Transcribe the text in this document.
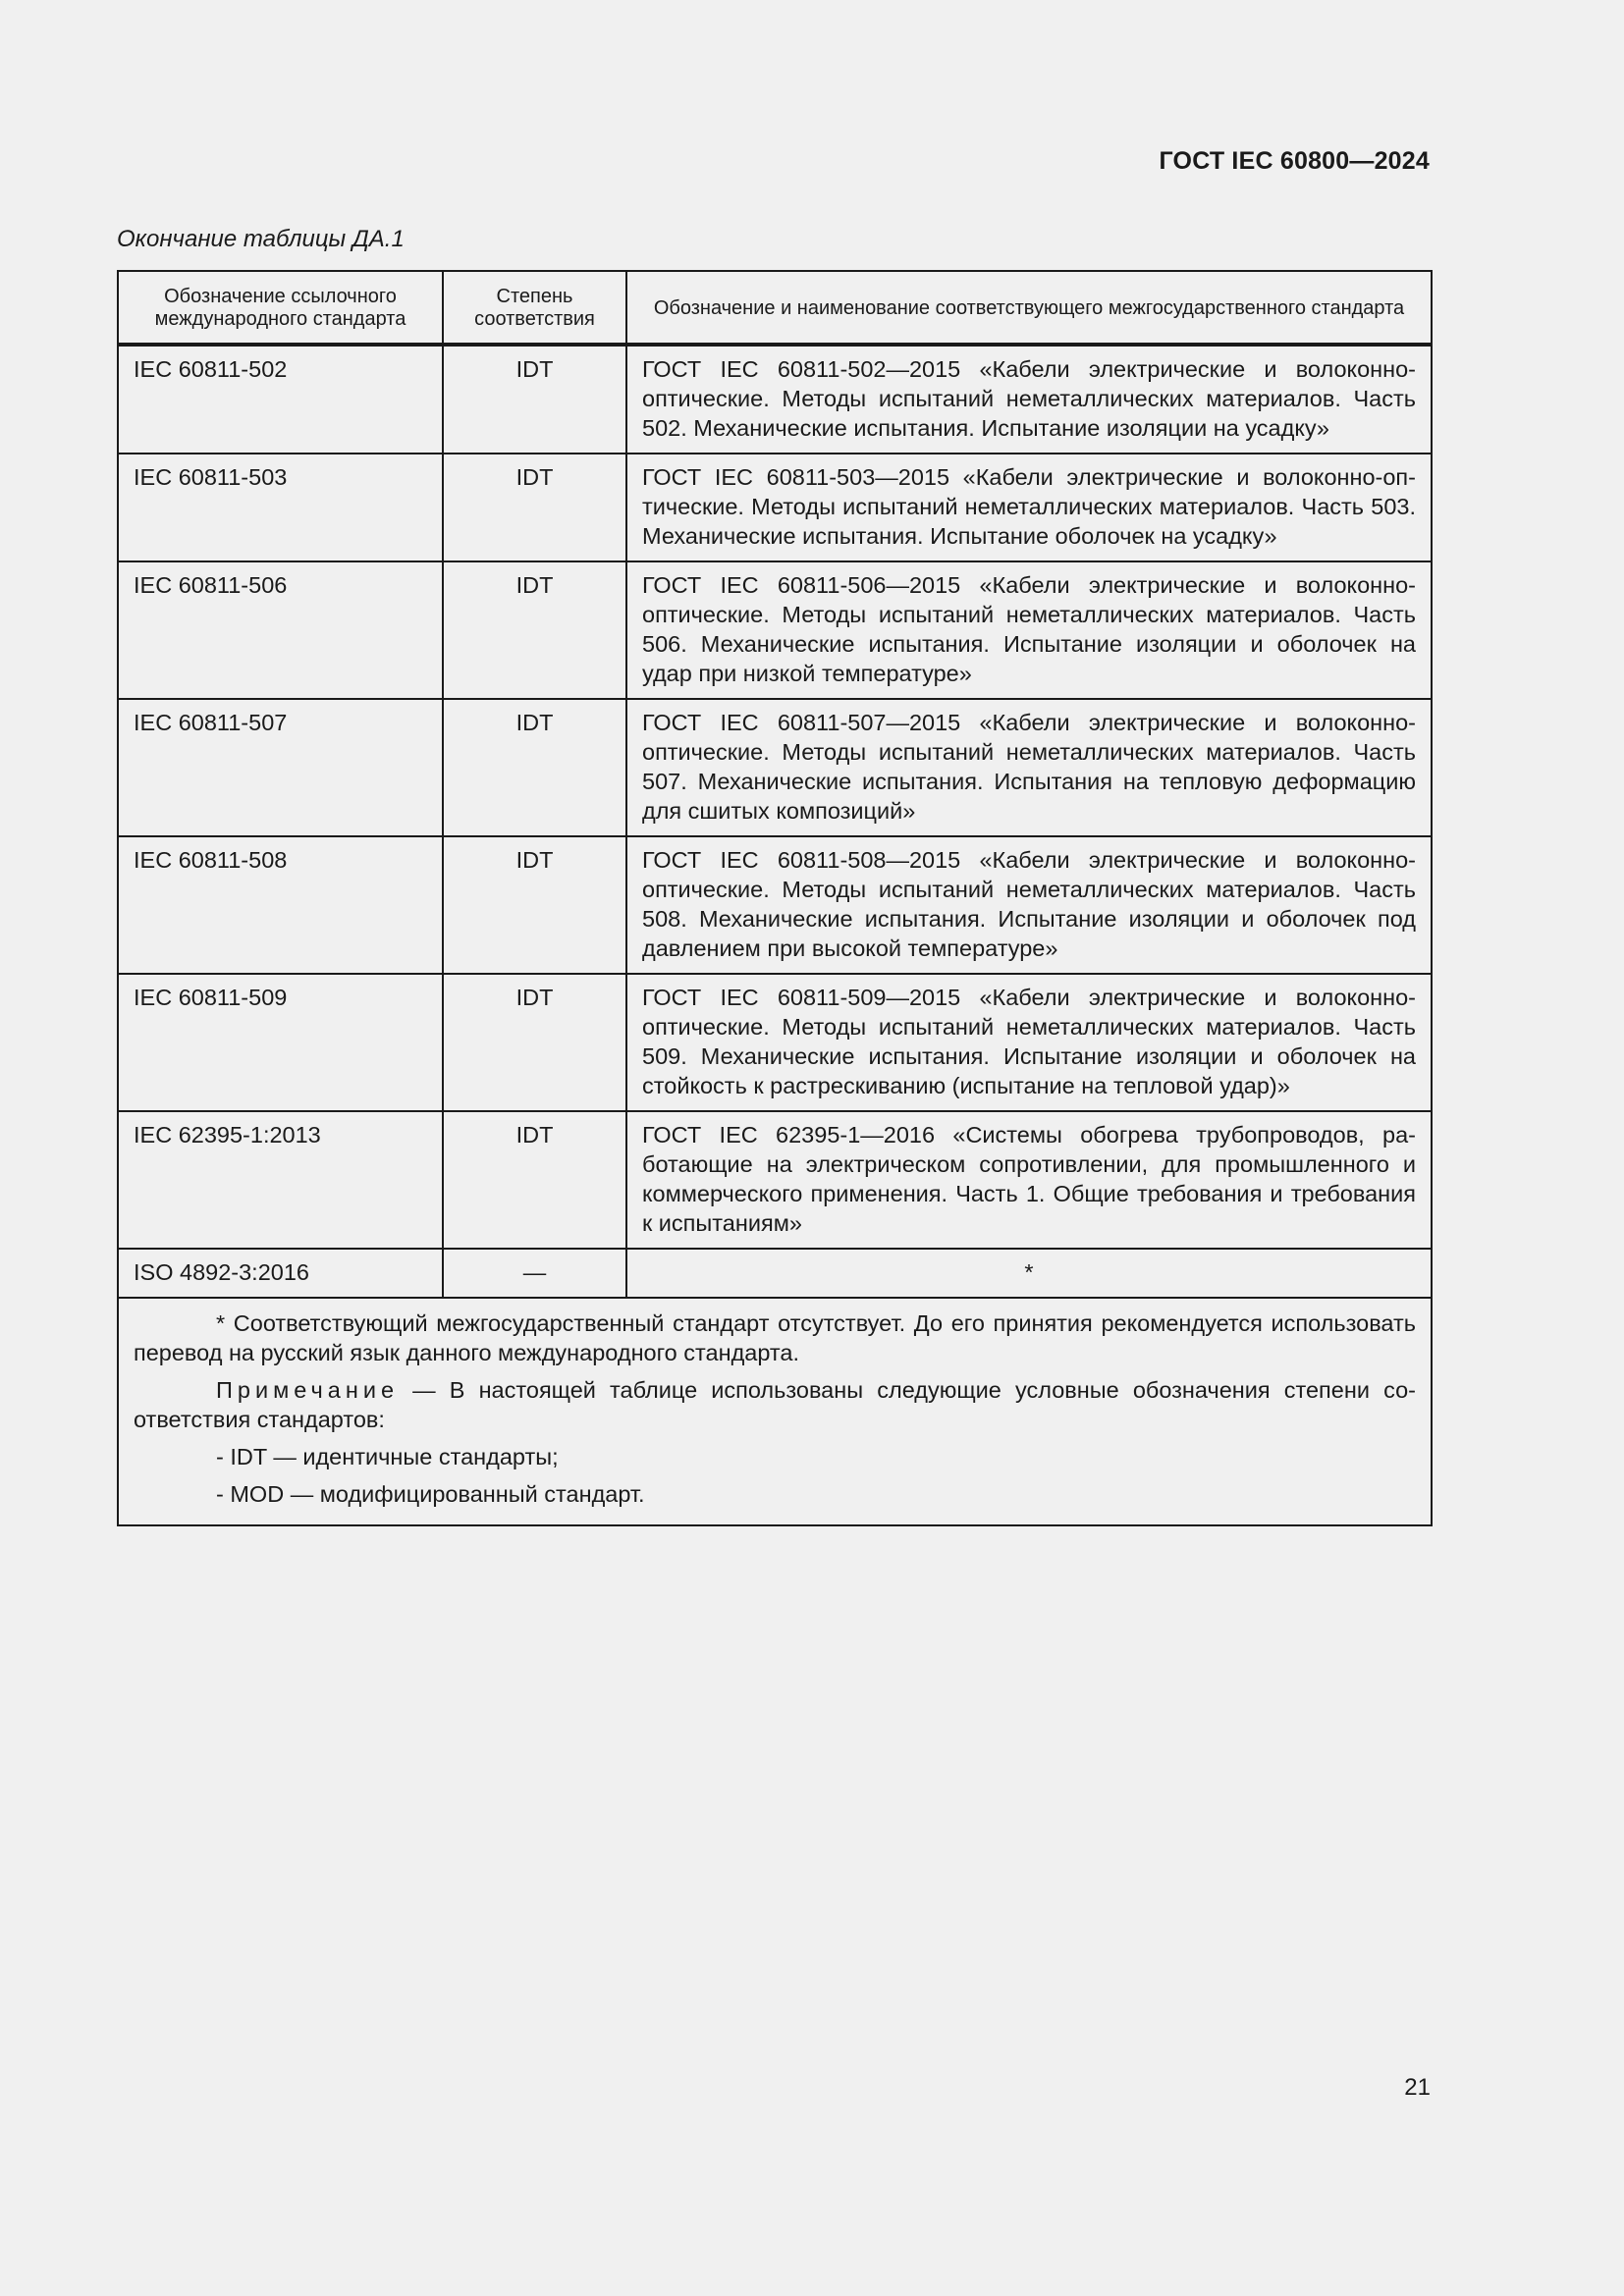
ГОСТ IEC 60800—2024
Окончание таблицы ДА.1
Обозначение ссылочного международного стандарта	Степень соответствия	Обозначение и наименование соответствующего межгосударственного стандарта
IEC 60811-502	IDT	ГОСТ IEC 60811-502—2015 «Кабели электрические и волоконно-оптические. Методы испытаний неметаллических материалов. Часть 502. Механические испытания. Испытание изоляции на усадку»
IEC 60811-503	IDT	ГОСТ IEC 60811-503—2015 «Кабели электрические и волоконно-оптические. Методы испытаний неметаллических материалов. Часть 503. Механические испытания. Испытание оболочек на усадку»
IEC 60811-506	IDT	ГОСТ IEC 60811-506—2015 «Кабели электрические и волоконно-оптические. Методы испытаний неметаллических материалов. Часть 506. Механические испытания. Испытание изоляции и оболочек на удар при низкой температуре»
IEC 60811-507	IDT	ГОСТ IEC 60811-507—2015 «Кабели электрические и волоконно-оптические. Методы испытаний неметаллических материалов. Часть 507. Механические испытания. Испытания на тепловую деформацию для сшитых композиций»
IEC 60811-508	IDT	ГОСТ IEC 60811-508—2015 «Кабели электрические и волоконно-оптические. Методы испытаний неметаллических материалов. Часть 508. Механические испытания. Испытание изоляции и оболочек под давлением при высокой температуре»
IEC 60811-509	IDT	ГОСТ IEC 60811-509—2015 «Кабели электрические и волоконно-оптические. Методы испытаний неметаллических материалов. Часть 509. Механические испытания. Испытание изоляции и оболочек на стойкость к растрескиванию (испытание на тепловой удар)»
IEC 62395-1:2013	IDT	ГОСТ IEC 62395-1—2016 «Системы обогрева трубопроводов, работающие на электрическом сопротивлении, для промышленного и коммерческого применения. Часть 1. Общие требования и требования к испытаниям»
ISO 4892-3:2016	—	*

* Соответствующий межгосударственный стандарт отсутствует. До его принятия рекомендуется использовать перевод на русский язык данного международного стандарта.

Примечание — В настоящей таблице использованы следующие условные обозначения степени соответствия стандартов:

- IDT — идентичные стандарты;
- MOD — модифицированный стандарт.		
21
